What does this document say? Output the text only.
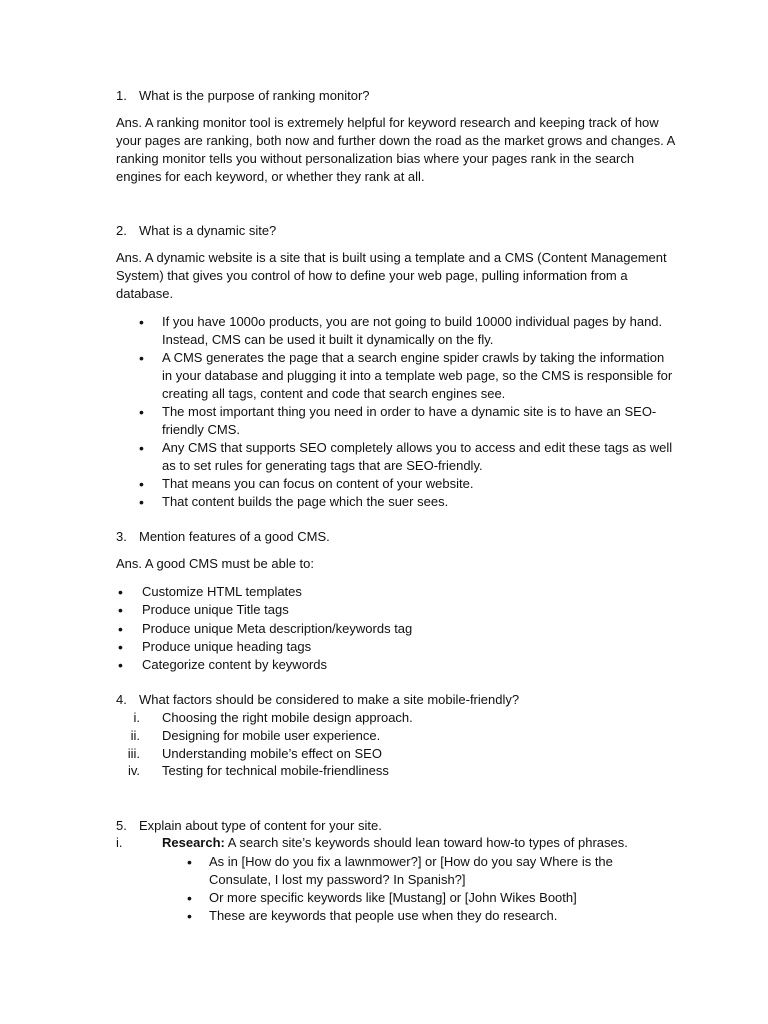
1. What is the purpose of ranking monitor?
Ans. A ranking monitor tool is extremely helpful for keyword research and keeping track of how your pages are ranking, both now and further down the road as the market grows and changes. A ranking monitor tells you without personalization bias where your pages rank in the search engines for each keyword, or whether they rank at all.
2. What is a dynamic site?
Ans. A dynamic website is a site that is built using a template and a CMS (Content Management System) that gives you control of how to define your web page, pulling information from a database.
• If you have 1000o products, you are not going to build 10000 individual pages by hand. Instead, CMS can be used it built it dynamically on the fly.
• A CMS generates the page that a search engine spider crawls by taking the information in your database and plugging it into a template web page, so the CMS is responsible for creating all tags, content and code that search engines see.
• The most important thing you need in order to have a dynamic site is to have an SEO-friendly CMS.
• Any CMS that supports SEO completely allows you to access and edit these tags as well as to set rules for generating tags that are SEO-friendly.
• That means you can focus on content of your website.
• That content builds the page which the suer sees.
3. Mention features of a good CMS.
Ans. A good CMS must be able to:
• Customize HTML templates
• Produce unique Title tags
• Produce unique Meta description/keywords tag
• Produce unique heading tags
• Categorize content by keywords
4. What factors should be considered to make a site mobile-friendly?
i. Choosing the right mobile design approach.
ii. Designing for mobile user experience.
iii. Understanding mobile’s effect on SEO
iv. Testing for technical mobile-friendliness
5. Explain about type of content for your site.
i.	Research: A search site’s keywords should lean toward how-to types of phrases.
• As in [How do you fix a lawnmower?] or [How do you say Where is the Consulate, I lost my password? In Spanish?]
• Or more specific keywords like [Mustang] or [John Wikes Booth]
• These are keywords that people use when they do research.
